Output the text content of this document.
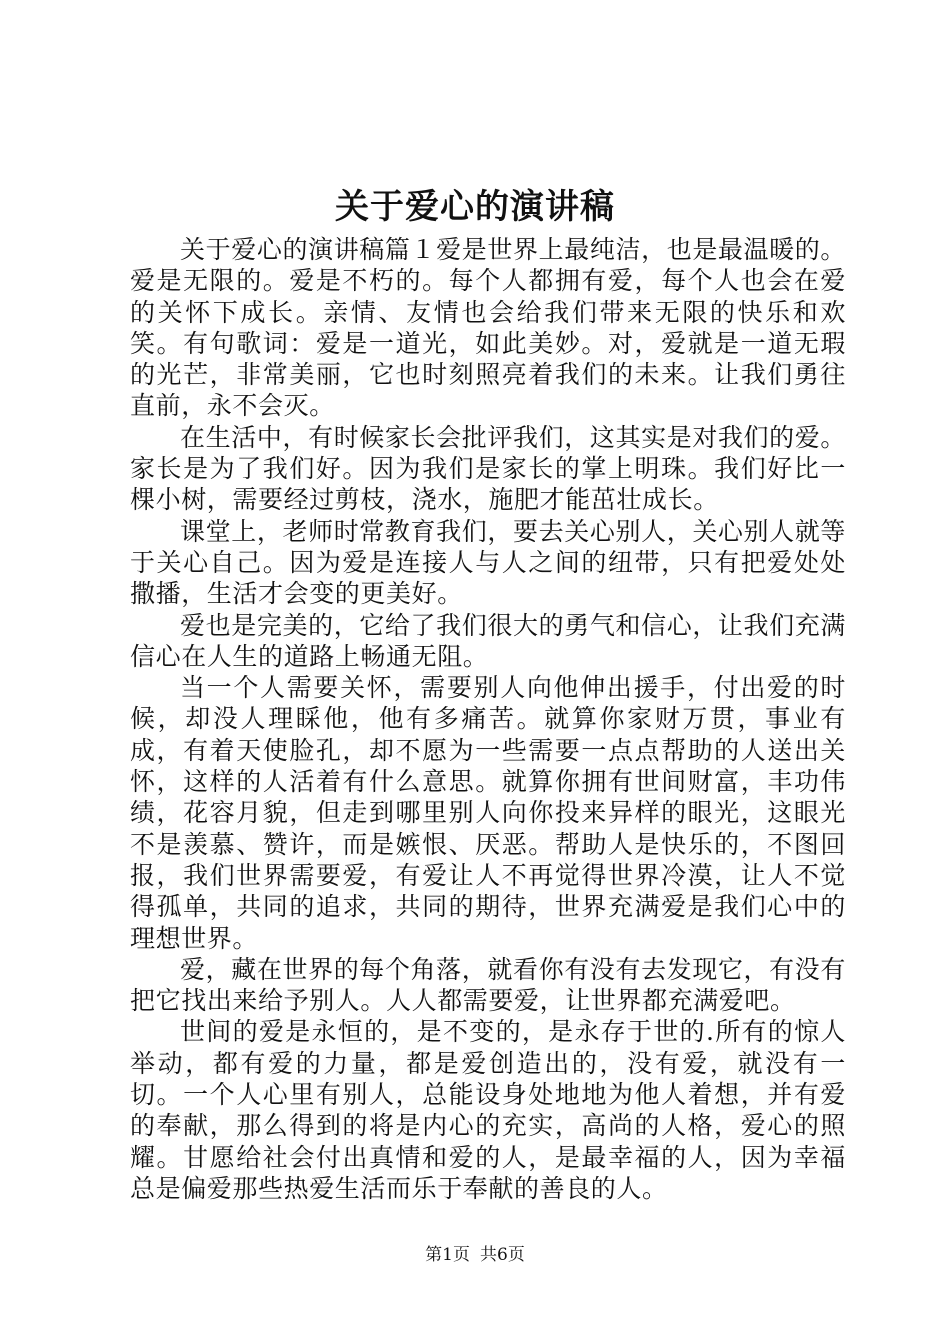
关于爱心的演讲稿

关于爱心的演讲稿篇１爱是世界上最纯洁，也是最温暖的。爱是无限的。爱是不朽的。每个人都拥有爱，每个人也会在爱的关怀下成长。亲情、友情也会给我们带来无限的快乐和欢笑。有句歌词：爱是一道光，如此美妙。对，爱就是一道无瑕的光芒，非常美丽，它也时刻照亮着我们的未来。让我们勇往直前，永不会灭。

在生活中，有时候家长会批评我们，这其实是对我们的爱。家长是为了我们好。因为我们是家长的掌上明珠。我们好比一棵小树，需要经过剪枝，浇水，施肥才能茁壮成长。

课堂上，老师时常教育我们，要去关心别人，关心别人就等于关心自己。因为爱是连接人与人之间的纽带，只有把爱处处撒播，生活才会变的更美好。

爱也是完美的，它给了我们很大的勇气和信心，让我们充满信心在人生的道路上畅通无阻。

当一个人需要关怀，需要别人向他伸出援手，付出爱的时候，却没人理睬他，他有多痛苦。就算你家财万贯，事业有成，有着天使脸孔，却不愿为一些需要一点点帮助的人送出关怀，这样的人活着有什么意思。就算你拥有世间财富，丰功伟绩，花容月貌，但走到哪里别人向你投来异样的眼光，这眼光不是羡慕、赞许，而是嫉恨、厌恶。帮助人是快乐的，不图回报，我们世界需要爱，有爱让人不再觉得世界冷漠，让人不觉得孤单，共同的追求，共同的期待，世界充满爱是我们心中的理想世界。

爱，藏在世界的每个角落，就看你有没有去发现它，有没有把它找出来给予别人。人人都需要爱，让世界都充满爱吧。

世间的爱是永恒的，是不变的，是永存于世的.所有的惊人举动，都有爱的力量，都是爱创造出的，没有爱，就没有一切。一个人心里有别人，总能设身处地地为他人着想，并有爱的奉献，那么得到的将是内心的充实，高尚的人格，爱心的照耀。甘愿给社会付出真情和爱的人，是最幸福的人，因为幸福总是偏爱那些热爱生活而乐于奉献的善良的人。

第1页 共6页
